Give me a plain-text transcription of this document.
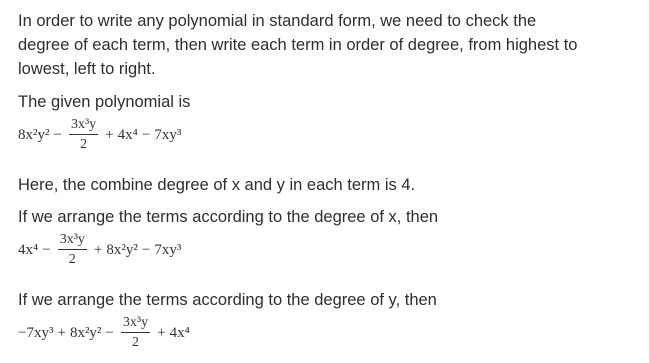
In order to write any polynomial in standard form, we need to check the

degree of each term, then write each term in order of degree, from highest to

lowest, left to right.

The given polynomial is

$8x^2y^2 - \frac{\text{3x³y}}{2} + 4x^4 - 7xy^3$

Here, the combine degree of x and y in each term is 4.

If we arrange the terms according to the degree of x, then

$4x^4 - \frac{\text{3x³y}}{2} + 8x^2y^2 - 7xy^3$

If we arrange the terms according to the degree of y, then

$-7xy^3 + 8x^2y^2 - \frac{\text{3x³y}}{2} + 4x^4$
